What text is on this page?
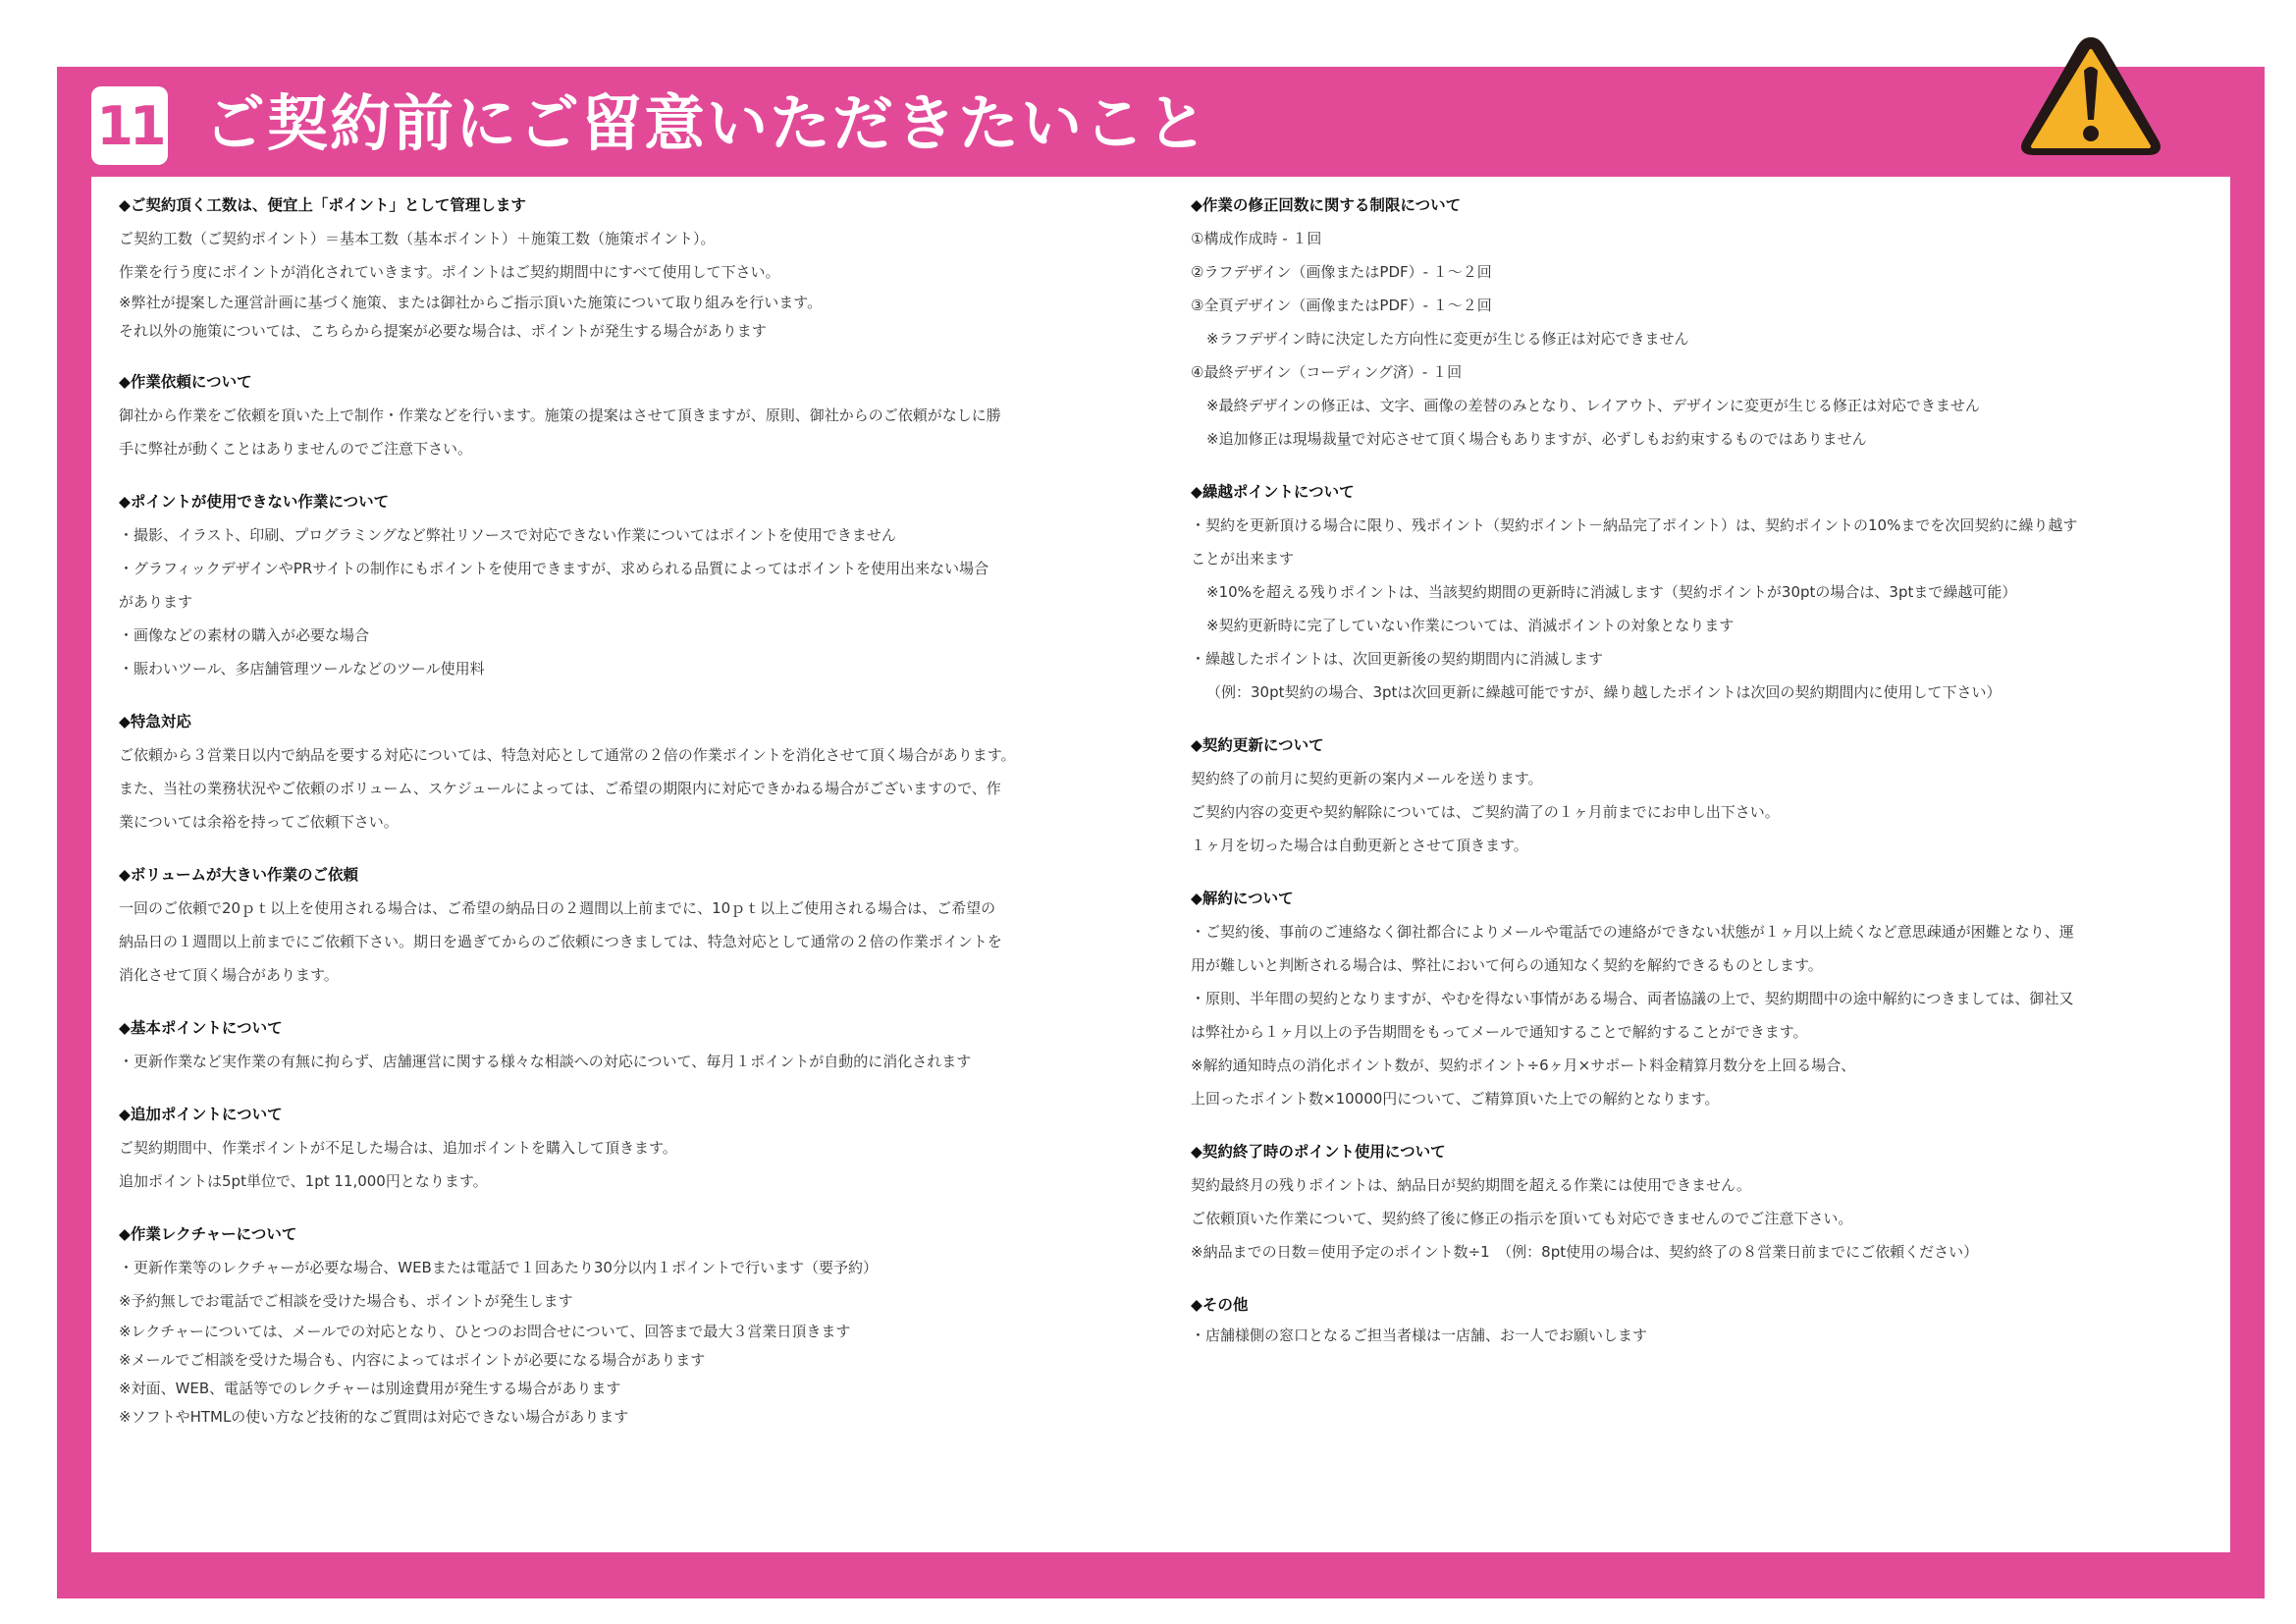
11 ご契約前にご留意いただきたいこと
◆ご契約頂く工数は、便宜上「ポイント」として管理します
ご契約工数（ご契約ポイント）＝基本工数（基本ポイント）＋施策工数（施策ポイント）。
作業を行う度にポイントが消化されていきます。ポイントはご契約期間中にすべて使用して下さい。
※弊社が提案した運営計画に基づく施策、または御社からご指示頂いた施策について取り組みを行います。
それ以外の施策については、こちらから提案が必要な場合は、ポイントが発生する場合があります
◆作業依頼について
御社から作業をご依頼を頂いた上で制作・作業などを行います。施策の提案はさせて頂きますが、原則、御社からのご依頼がなしに勝
手に弊社が動くことはありませんのでご注意下さい。
◆ポイントが使用できない作業について
・撮影、イラスト、印刷、プログラミングなど弊社リソースで対応できない作業についてはポイントを使用できません
・グラフィックデザインやPRサイトの制作にもポイントを使用できますが、求められる品質によってはポイントを使用出来ない場合
があります
・画像などの素材の購入が必要な場合
・賑わいツール、多店舗管理ツールなどのツール使用料
◆特急対応
ご依頼から３営業日以内で納品を要する対応については、特急対応として通常の２倍の作業ポイントを消化させて頂く場合があります。
また、当社の業務状況やご依頼のボリューム、スケジュールによっては、ご希望の期限内に対応できかねる場合がございますので、作
業については余裕を持ってご依頼下さい。
◆ボリュームが大きい作業のご依頼
一回のご依頼で20ｐｔ以上を使用される場合は、ご希望の納品日の２週間以上前までに、10ｐｔ以上ご使用される場合は、ご希望の
納品日の１週間以上前までにご依頼下さい。期日を過ぎてからのご依頼につきましては、特急対応として通常の２倍の作業ポイントを
消化させて頂く場合があります。
◆基本ポイントについて
・更新作業など実作業の有無に拘らず、店舗運営に関する様々な相談への対応について、毎月１ポイントが自動的に消化されます
◆追加ポイントについて
ご契約期間中、作業ポイントが不足した場合は、追加ポイントを購入して頂きます。
追加ポイントは5pt単位で、1pt 11,000円となります。
◆作業レクチャーについて
・更新作業等のレクチャーが必要な場合、WEBまたは電話で１回あたり30分以内１ポイントで行います（要予約）
※予約無しでお電話でご相談を受けた場合も、ポイントが発生します
※レクチャーについては、メールでの対応となり、ひとつのお問合せについて、回答まで最大３営業日頂きます
※メールでご相談を受けた場合も、内容によってはポイントが必要になる場合があります
※対面、WEB、電話等でのレクチャーは別途費用が発生する場合があります
※ソフトやHTMLの使い方など技術的なご質問は対応できない場合があります
◆作業の修正回数に関する制限について
①構成作成時 - １回
②ラフデザイン（画像またはPDF）- １～２回
③全頁デザイン（画像またはPDF）- １～２回
※ラフデザイン時に決定した方向性に変更が生じる修正は対応できません
④最終デザイン（コーディング済）- １回
※最終デザインの修正は、文字、画像の差替のみとなり、レイアウト、デザインに変更が生じる修正は対応できません
※追加修正は現場裁量で対応させて頂く場合もありますが、必ずしもお約束するものではありません
◆繰越ポイントについて
・契約を更新頂ける場合に限り、残ポイント（契約ポイント－納品完了ポイント）は、契約ポイントの10%までを次回契約に繰り越す
ことが出来ます
※10%を超える残りポイントは、当該契約期間の更新時に消滅します（契約ポイントが30ptの場合は、3ptまで繰越可能）
※契約更新時に完了していない作業については、消滅ポイントの対象となります
・繰越したポイントは、次回更新後の契約期間内に消滅します
（例：30pt契約の場合、3ptは次回更新に繰越可能ですが、繰り越したポイントは次回の契約期間内に使用して下さい）
◆契約更新について
契約終了の前月に契約更新の案内メールを送ります。
ご契約内容の変更や契約解除については、ご契約満了の１ヶ月前までにお申し出下さい。
１ヶ月を切った場合は自動更新とさせて頂きます。
◆解約について
・ご契約後、事前のご連絡なく御社都合によりメールや電話での連絡ができない状態が１ヶ月以上続くなど意思疎通が困難となり、運
用が難しいと判断される場合は、弊社において何らの通知なく契約を解約できるものとします。
・原則、半年間の契約となりますが、やむを得ない事情がある場合、両者協議の上で、契約期間中の途中解約につきましては、御社又
は弊社から１ヶ月以上の予告期間をもってメールで通知することで解約することができます。
※解約通知時点の消化ポイント数が、契約ポイント÷6ヶ月×サポート料金精算月数分を上回る場合、
上回ったポイント数×10000円について、ご精算頂いた上での解約となります。
◆契約終了時のポイント使用について
契約最終月の残りポイントは、納品日が契約期間を超える作業には使用できません。
ご依頼頂いた作業について、契約終了後に修正の指示を頂いても対応できませんのでご注意下さい。
※納品までの日数＝使用予定のポイント数÷1　（例：8pt使用の場合は、契約終了の８営業日前までにご依頼ください）
◆その他
・店舗様側の窓口となるご担当者様は一店舗、お一人でお願いします
